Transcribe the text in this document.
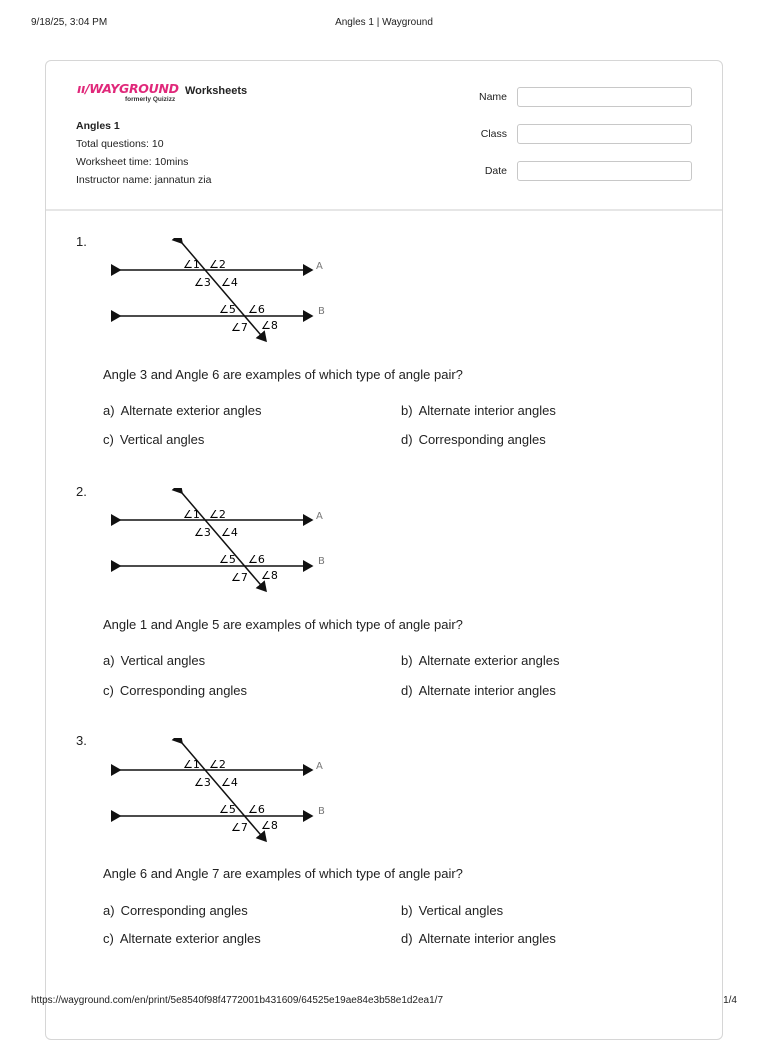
9/18/25, 3:04 PM	Angles 1 | Wayground
ıı/WAYGROUND
formerly Quizizz
Worksheets
Angles 1
Total questions: 10
Worksheet time: 10mins
Instructor name: jannatun zia
Name
Class
Date
1.
∠1 ∠2
∠3 ∠4
∠5 ∠6
∠7 ∠8
A
B
Angle 3 and Angle 6 are examples of which type of angle pair?
a) Alternate exterior angles	b) Alternate interior angles
c) Vertical angles	d) Corresponding angles
2.
∠1 ∠2
∠3 ∠4
∠5 ∠6
∠7 ∠8
A
B
Angle 1 and Angle 5 are examples of which type of angle pair?
a) Vertical angles	b) Alternate exterior angles
c) Corresponding angles	d) Alternate interior angles
3.
∠1 ∠2
∠3 ∠4
∠5 ∠6
∠7 ∠8
A
B
Angle 6 and Angle 7 are examples of which type of angle pair?
a) Corresponding angles	b) Vertical angles
c) Alternate exterior angles	d) Alternate interior angles
https://wayground.com/en/print/5e8540f98f4772001b431609/64525e19ae84e3b58e1d2ea1/7	1/4
